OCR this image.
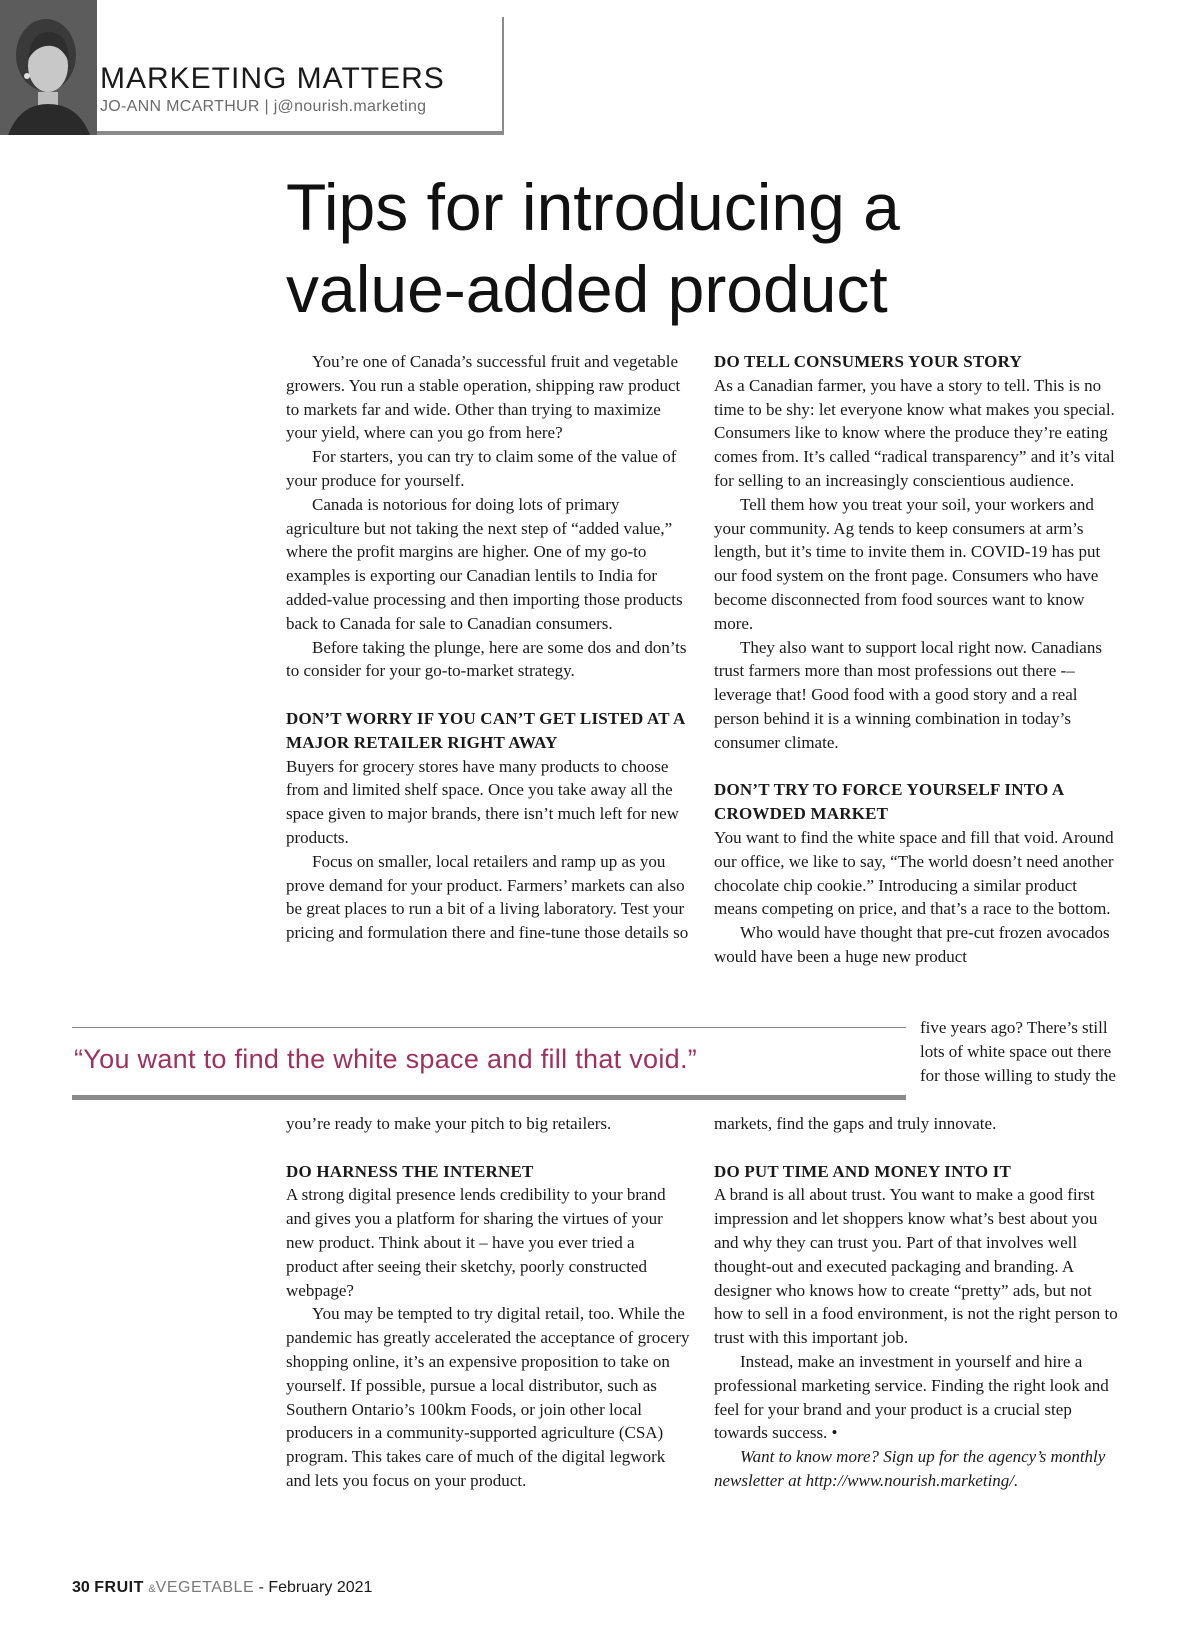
MARKETING MATTERS
JO-ANN MCARTHUR | j@nourish.marketing
Tips for introducing a
value-added product

You’re one of Canada’s successful fruit and vegetable growers. You run a stable operation, shipping raw product to markets far and wide. Other than trying to maximize your yield, where can you go from here?

For starters, you can try to claim some of the value of your produce for yourself.

Canada is notorious for doing lots of primary agriculture but not taking the next step of “added value,” where the profit margins are higher. One of my go-to examples is exporting our Canadian lentils to India for added-value processing and then importing those products back to Canada for sale to Canadian consumers.

Before taking the plunge, here are some dos and don’ts to consider for your go-to-market strategy.

DON’T WORRY IF YOU CAN’T GET LISTED AT A MAJOR RETAILER RIGHT AWAY

Buyers for grocery stores have many products to choose from and limited shelf space. Once you take away all the space given to major brands, there isn’t much left for new products.

Focus on smaller, local retailers and ramp up as you prove demand for your product. Farmers’ markets can also be great places to run a bit of a living laboratory. Test your pricing and formulation there and fine-tune those details so

DO TELL CONSUMERS YOUR STORY

As a Canadian farmer, you have a story to tell. This is no time to be shy: let everyone know what makes you special. Consumers like to know where the produce they’re eating comes from. It’s called “radical transparency” and it’s vital for selling to an increasingly conscientious audience.

Tell them how you treat your soil, your workers and your community. Ag tends to keep consumers at arm’s length, but it’s time to invite them in. COVID-19 has put our food system on the front page. Consumers who have become disconnected from food sources want to know more.

They also want to support local right now. Canadians trust farmers more than most professions out there -– leverage that! Good food with a good story and a real person behind it is a winning combination in today’s consumer climate.

DON’T TRY TO FORCE YOURSELF INTO A CROWDED MARKET

You want to find the white space and fill that void. Around our office, we like to say, “The world doesn’t need another chocolate chip cookie.” Introducing a similar product means competing on price, and that’s a race to the bottom.

Who would have thought that pre-cut frozen avocados would have been a huge new product

“You want to find the white space and fill that void.”
five years ago? There’s still lots of white space out there for those willing to study the

you’re ready to make your pitch to big retailers.

DO HARNESS THE INTERNET

A strong digital presence lends credibility to your brand and gives you a platform for sharing the virtues of your new product. Think about it – have you ever tried a product after seeing their sketchy, poorly constructed webpage?

You may be tempted to try digital retail, too. While the pandemic has greatly accelerated the acceptance of grocery shopping online, it’s an expensive proposition to take on yourself. If possible, pursue a local distributor, such as Southern Ontario’s 100km Foods, or join other local producers in a community-supported agriculture (CSA) program. This takes care of much of the digital legwork and lets you focus on your product.

markets, find the gaps and truly innovate.

DO PUT TIME AND MONEY INTO IT

A brand is all about trust. You want to make a good first impression and let shoppers know what’s best about you and why they can trust you. Part of that involves well thought-out and executed packaging and branding. A designer who knows how to create “pretty” ads, but not how to sell in a food environment, is not the right person to trust with this important job.

Instead, make an investment in yourself and hire a professional marketing service. Finding the right look and feel for your brand and your product is a crucial step towards success. •

Want to know more? Sign up for the agency’s monthly newsletter at http://www.nourish.marketing/.

30 FRUIT &VEGETABLE - February 2021
